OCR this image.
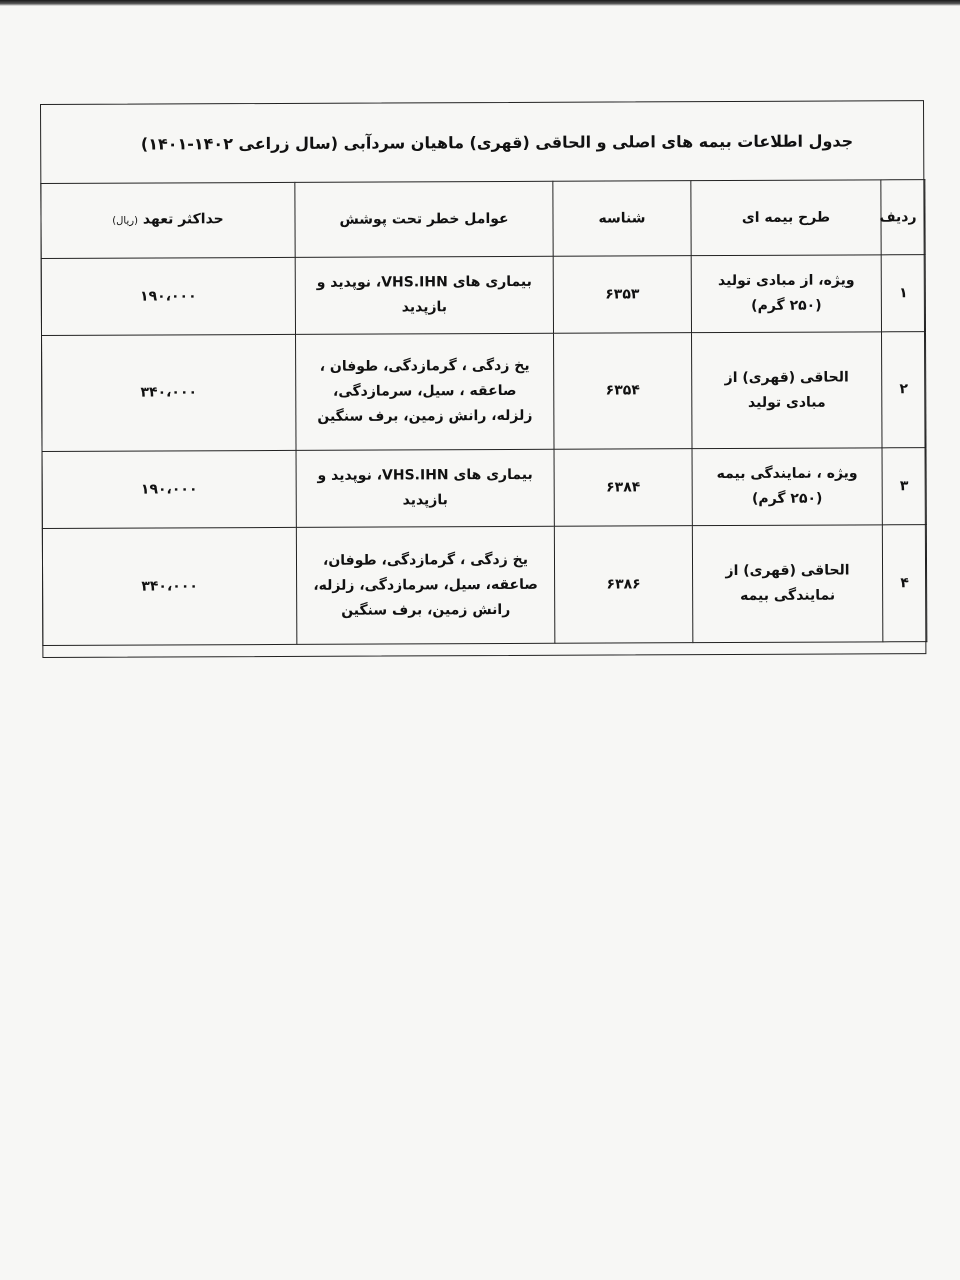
جدول اطلاعات بیمه های اصلی و الحاقی (قهری) ماهیان سردآبی (سال زراعی ۱۴۰۲-۱۴۰۱)
ردیف	طرح بیمه ای	شناسه	عوامل خطر تحت پوشش	حداکثر تعهد (ریال)
۱	ویژه، از مبادی تولید (۲۵۰ گرم)	۶۳۵۳	بیماری های VHS.IHN، نوپدید و بازپدید	۱۹۰،۰۰۰
۲	الحاقی (قهری) از مبادی تولید	۶۳۵۴	یخ زدگی ، گرمازدگی، طوفان ، صاعقه ، سیل، سرمازدگی، زلزله، رانش زمین، برف سنگین	۳۴۰،۰۰۰
۳	ویژه ، نمایندگی بیمه (۲۵۰ گرم)	۶۳۸۴	بیماری های VHS.IHN، نوپدید و بازپدید	۱۹۰،۰۰۰
۴	الحاقی (قهری) از نمایندگی بیمه	۶۳۸۶	یخ زدگی ، گرمازدگی، طوفان، صاعقه، سیل، سرمازدگی، زلزله، رانش زمین، برف سنگین	۳۴۰،۰۰۰
